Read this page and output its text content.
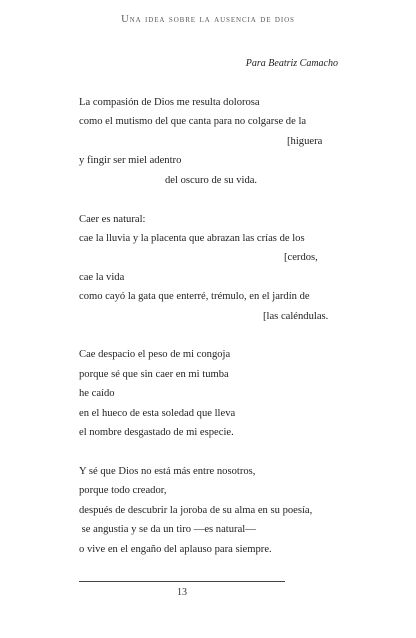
Una idea sobre la ausencia de dios
Para Beatriz Camacho
La compasión de Dios me resulta dolorosa
como el mutismo del que canta para no colgarse de la
[higuera
y fingir ser miel adentro
del oscuro de su vida.
Caer es natural:
cae la lluvia y la placenta que abrazan las crías de los
[cerdos,
cae la vida
como cayó la gata que enterré, trémulo, en el jardín de
[las caléndulas.
Cae despacio el peso de mi congoja
porque sé que sin caer en mi tumba
he caído
en el hueco de esta soledad que lleva
el nombre desgastado de mi especie.
Y sé que Dios no está más entre nosotros,
porque todo creador,
después de descubrir la joroba de su alma en su poesía,
se angustia y se da un tiro —es natural—
o vive en el engaño del aplauso para siempre.
13
